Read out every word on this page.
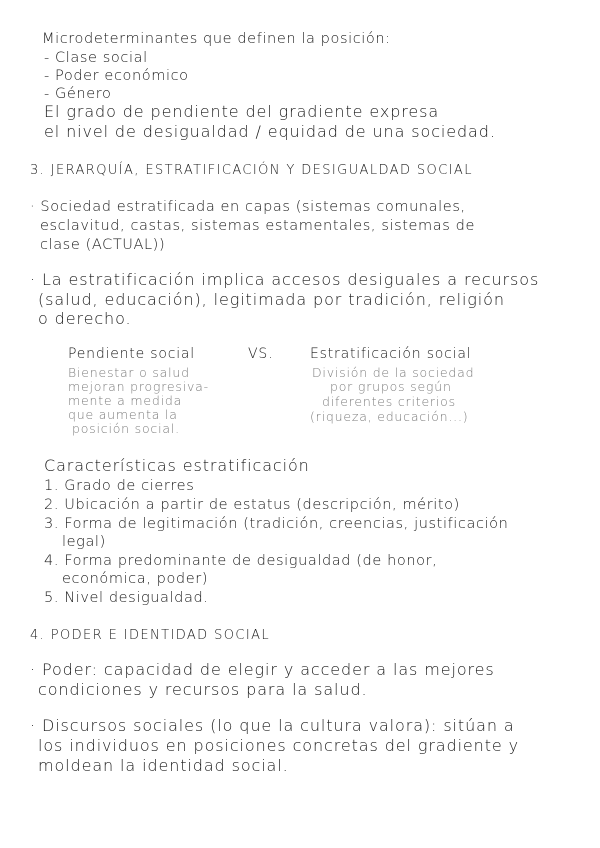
Microdeterminantes que definen la posición:
- Clase social
- Poder económico
- Género
El grado de pendiente del gradiente expresa
el nivel de desigualdad / equidad de una sociedad.
3. JERARQUÍA, ESTRATIFICACIÓN Y DESIGUALDAD SOCIAL
· Sociedad estratificada en capas (sistemas comunales,
esclavitud, castas, sistemas estamentales, sistemas de
clase (ACTUAL))
· La estratificación implica accesos desiguales a recursos
(salud, educación), legitimada por tradición, religión
o derecho.
Pendiente social	VS.	Estratificación social
Bienestar o salud
mejoran progresiva-
mente a medida
que aumenta la
posición social.
División de la sociedad
por grupos según
diferentes criterios
(riqueza, educación...)
Características estratificación
1. Grado de cierres
2. Ubicación a partir de estatus (descripción, mérito)
3. Forma de legitimación (tradición, creencias, justificación
legal)
4. Forma predominante de desigualdad (de honor,
económica, poder)
5. Nivel desigualdad.
4. PODER E IDENTIDAD SOCIAL
· Poder: capacidad de elegir y acceder a las mejores
condiciones y recursos para la salud.
· Discursos sociales (lo que la cultura valora): sitúan a
los individuos en posiciones concretas del gradiente y
moldean la identidad social.
